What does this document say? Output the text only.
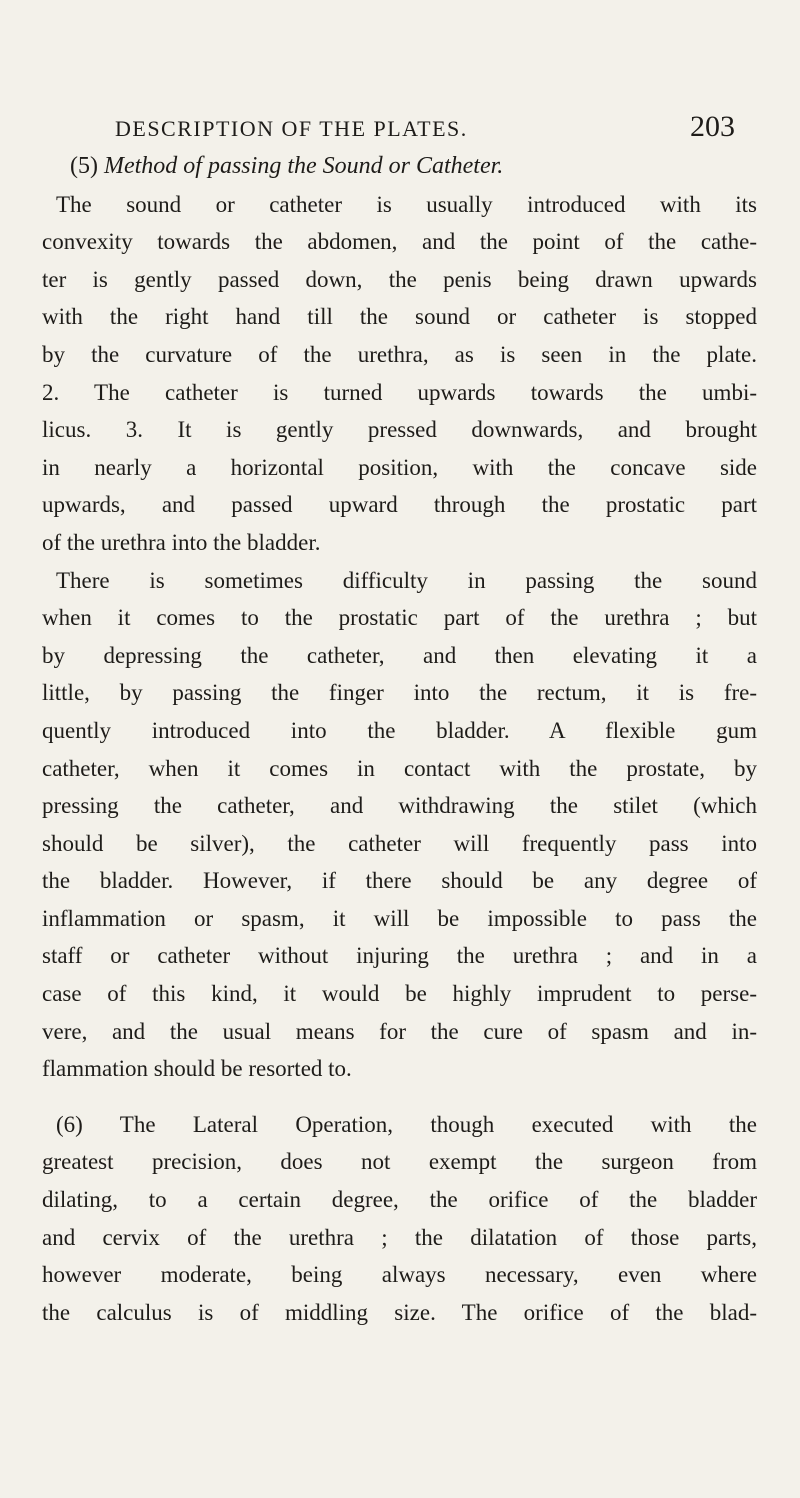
DESCRIPTION OF THE PLATES.	203
(5) Method of passing the Sound or Catheter.
The sound or catheter is usually introduced with its
convexity towards the abdomen, and the point of the cathe-
ter is gently passed down, the penis being drawn upwards
with the right hand till the sound or catheter is stopped
by the curvature of the urethra, as is seen in the plate.
2. The catheter is turned upwards towards the umbi-
licus. 3. It is gently pressed downwards, and brought
in nearly a horizontal position, with the concave side
upwards, and passed upward through the prostatic part
of the urethra into the bladder.
There is sometimes difficulty in passing the sound
when it comes to the prostatic part of the urethra ; but
by depressing the catheter, and then elevating it a
little, by passing the finger into the rectum, it is fre-
quently introduced into the bladder. A flexible gum
catheter, when it comes in contact with the prostate, by
pressing the catheter, and withdrawing the stilet (which
should be silver), the catheter will frequently pass into
the bladder. However, if there should be any degree of
inflammation or spasm, it will be impossible to pass the
staff or catheter without injuring the urethra ; and in a
case of this kind, it would be highly imprudent to perse-
vere, and the usual means for the cure of spasm and in-
flammation should be resorted to.
(6) The Lateral Operation, though executed with the
greatest precision, does not exempt the surgeon from
dilating, to a certain degree, the orifice of the bladder
and cervix of the urethra ; the dilatation of those parts,
however moderate, being always necessary, even where
the calculus is of middling size. The orifice of the blad-
